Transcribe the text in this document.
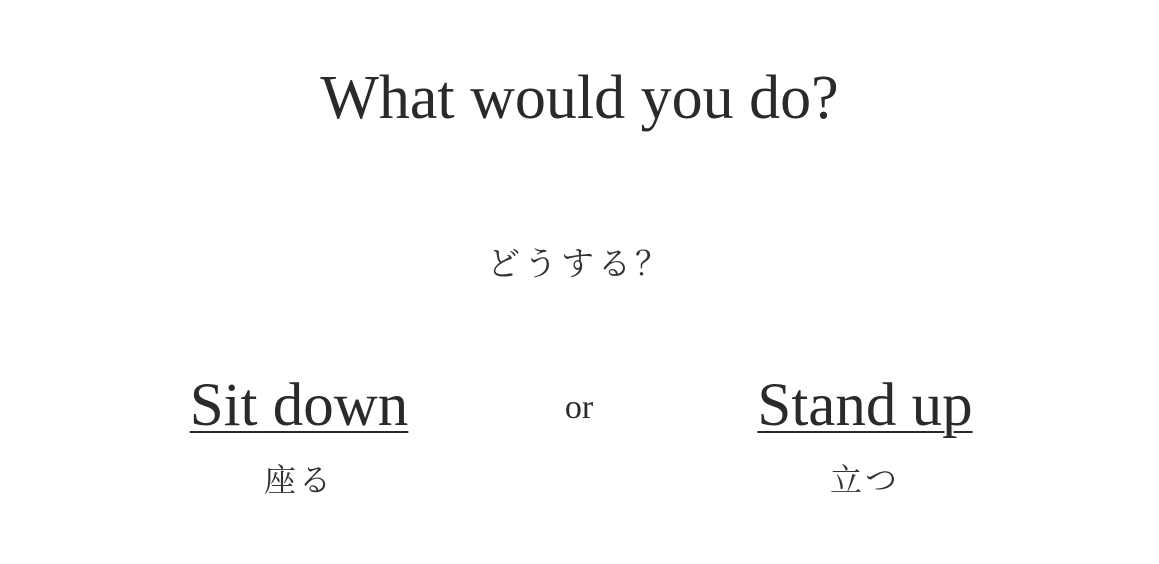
What would you do?

どうする？

Sit down
座る
or	Stand up
立つ
